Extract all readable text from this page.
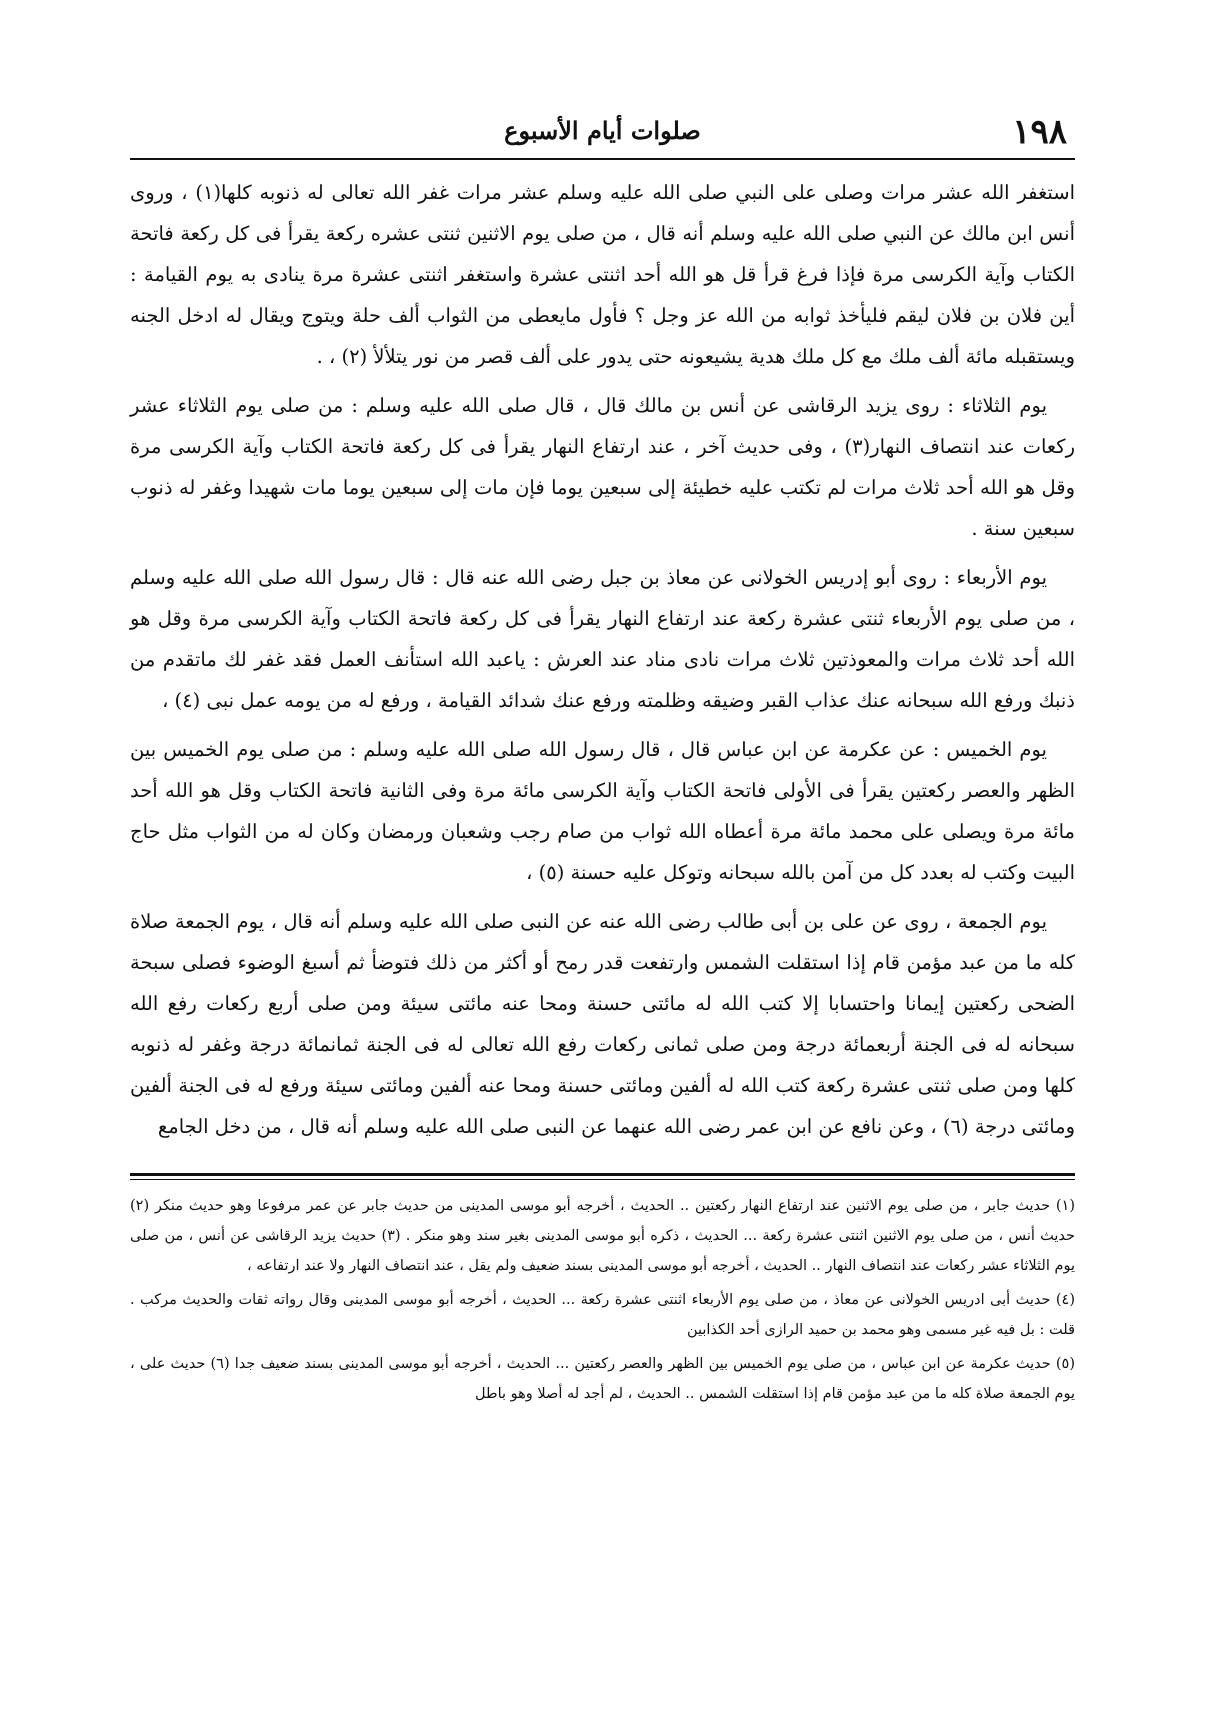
١٩٨
صلوات أيام الأسبوع

استغفر الله عشر مرات وصلى على النبي صلى الله عليه وسلم عشر مرات غفر الله تعالى له ذنوبه كلها(١) ، وروى أنس ابن مالك عن النبي صلى الله عليه وسلم أنه قال ، من صلى يوم الاثنين ثنتى عشره ركعة يقرأ فى كل ركعة فاتحة الكتاب وآية الكرسى مرة فإذا فرغ قرأ قل هو الله أحد اثنتى عشرة واستغفر اثنتى عشرة مرة ينادى به يوم القيامة : أين فلان بن فلان ليقم فليأخذ ثوابه من الله عز وجل ؟ فأول مايعطى من الثواب ألف حلة ويتوج ويقال له ادخل الجنه ويستقبله مائة ألف ملك مع كل ملك هدية يشيعونه حتى يدور على ألف قصر من نور يتلألأ (٢) ، .

يوم الثلاثاء : روى يزيد الرقاشى عن أنس بن مالك قال ، قال صلى الله عليه وسلم : من صلى يوم الثلاثاء عشر ركعات عند انتصاف النهار(٣) ، وفى حديث آخر ، عند ارتفاع النهار يقرأ فى كل ركعة فاتحة الكتاب وآية الكرسى مرة وقل هو الله أحد ثلاث مرات لم تكتب عليه خطيئة إلى سبعين يوما فإن مات إلى سبعين يوما مات شهيدا وغفر له ذنوب سبعين سنة .

يوم الأربعاء : روى أبو إدريس الخولانى عن معاذ بن جبل رضى الله عنه قال : قال رسول الله صلى الله عليه وسلم ، من صلى يوم الأربعاء ثنتى عشرة ركعة عند ارتفاع النهار يقرأ فى كل ركعة فاتحة الكتاب وآية الكرسى مرة وقل هو الله أحد ثلاث مرات والمعوذتين ثلاث مرات نادى مناد عند العرش : ياعبد الله استأنف العمل فقد غفر لك ماتقدم من ذنبك ورفع الله سبحانه عنك عذاب القبر وضيقه وظلمته ورفع عنك شدائد القيامة ، ورفع له من يومه عمل نبى (٤) ،

يوم الخميس : عن عكرمة عن ابن عباس قال ، قال رسول الله صلى الله عليه وسلم : من صلى يوم الخميس بين الظهر والعصر ركعتين يقرأ فى الأولى فاتحة الكتاب وآية الكرسى مائة مرة وفى الثانية فاتحة الكتاب وقل هو الله أحد مائة مرة ويصلى على محمد مائة مرة أعطاه الله ثواب من صام رجب وشعبان ورمضان وكان له من الثواب مثل حاج البيت وكتب له بعدد كل من آمن بالله سبحانه وتوكل عليه حسنة (٥) ،

يوم الجمعة ، روى عن على بن أبى طالب رضى الله عنه عن النبى صلى الله عليه وسلم أنه قال ، يوم الجمعة صلاة كله ما من عبد مؤمن قام إذا استقلت الشمس وارتفعت قدر رمح أو أكثر من ذلك فتوضأ ثم أسبغ الوضوء فصلى سبحة الضحى ركعتين إيمانا واحتسابا إلا كتب الله له مائتى حسنة ومحا عنه مائتى سيئة ومن صلى أربع ركعات رفع الله سبحانه له فى الجنة أربعمائة درجة ومن صلى ثمانى ركعات رفع الله تعالى له فى الجنة ثمانمائة درجة وغفر له ذنوبه كلها ومن صلى ثنتى عشرة ركعة كتب الله له ألفين ومائتى حسنة ومحا عنه ألفين ومائتى سيئة ورفع له فى الجنة ألفين ومائتى درجة (٦) ، وعن نافع عن ابن عمر رضى الله عنهما عن النبى صلى الله عليه وسلم أنه قال ، من دخل الجامع

(١) حديث جابر ، من صلى يوم الاثنين عند ارتفاع النهار ركعتين .. الحديث ، أخرجه أبو موسى المدينى من حديث جابر عن عمر مرفوعا وهو حديث منكر (٢) حديث أنس ، من صلى يوم الاثنين اثنتى عشرة ركعة ... الحديث ، ذكره أبو موسى المدينى بغير سند وهو منكر . (٣) حديث يزيد الرقاشى عن أنس ، من صلى يوم الثلاثاء عشر ركعات عند انتصاف النهار .. الحديث ، أخرجه أبو موسى المدينى بسند ضعيف ولم يقل ، عند انتصاف النهار ولا عند ارتفاعه ،

(٤) حديث أبى ادريس الخولانى عن معاذ ، من صلى يوم الأربعاء اثنتى عشرة ركعة ... الحديث ، أخرجه أبو موسى المدينى وقال رواته ثقات والحديث مركب . قلت : بل فيه غير مسمى وهو محمد بن حميد الرازى أحد الكذابين

(٥) حديث عكرمة عن ابن عباس ، من صلى يوم الخميس بين الظهر والعصر ركعتين ... الحديث ، أخرجه أبو موسى المدينى بسند ضعيف جدا (٦) حديث على ، يوم الجمعة صلاة كله ما من عبد مؤمن قام إذا استقلت الشمس .. الحديث ، لم أجد له أصلا وهو باطل
